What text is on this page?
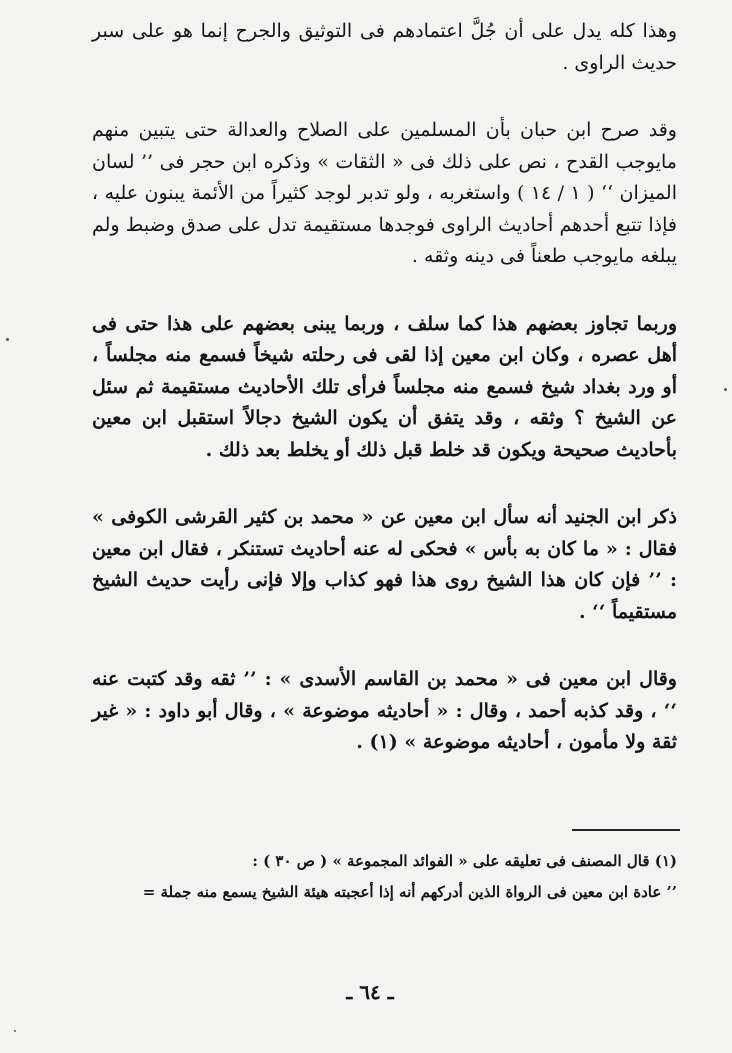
وهذا كله يدل على أن جُلَّ اعتمادهم فى التوثيق والجرح إنما هو على سبر حديث الراوى .

وقد صرح ابن حبان بأن المسلمين على الصلاح والعدالة حتى يتبين منهم مايوجب القدح ، نص على ذلك فى « الثقات » وذكره ابن حجر فى ’’ لسان الميزان ‘‘ ( ١ / ١٤ ) واستغربه ، ولو تدبر لوجد كثيراً من الأئمة يبنون عليه ، فإذا تتبع أحدهم أحاديث الراوى فوجدها مستقيمة تدل على صدق وضبط ولم يبلغه مايوجب طعناً فى دينه وثقه .

وربما تجاوز بعضهم هذا كما سلف ، وربما يبنى بعضهم على هذا حتى فى أهل عصره ، وكان ابن معين إذا لقى فى رحلته شيخاً فسمع منه مجلساً ، أو ورد بغداد شيخ فسمع منه مجلساً فرأى تلك الأحاديث مستقيمة ثم سئل عن الشيخ ؟ وثقه ، وقد يتفق أن يكون الشيخ دجالاً استقبل ابن معين بأحاديث صحيحة ويكون قد خلط قبل ذلك أو يخلط بعد ذلك .

ذكر ابن الجنيد أنه سأل ابن معين عن « محمد بن كثير القرشى الكوفى » فقال : « ما كان به بأس » فحكى له عنه أحاديث تستنكر ، فقال ابن معين : ’’ فإن كان هذا الشيخ روى هذا فهو كذاب وإلا فإنى رأيت حديث الشيخ مستقيماً ‘‘ .

وقال ابن معين فى « محمد بن القاسم الأسدى » : ’’ ثقه وقد كتبت عنه ‘‘ ، وقد كذبه أحمد ، وقال : « أحاديثه موضوعة » ، وقال أبو داود : « غير ثقة ولا مأمون ، أحاديثه موضوعة » (١) .

(١) قال المصنف فى تعليقه على « الفوائد المجموعة » ( ص ٣٠ ) :
’’ عادة ابن معين فى الرواة الذين أدركهم أنه إذا أعجبته هيئة الشيخ يسمع منه جملة =
ـ ٦٤ ـ
